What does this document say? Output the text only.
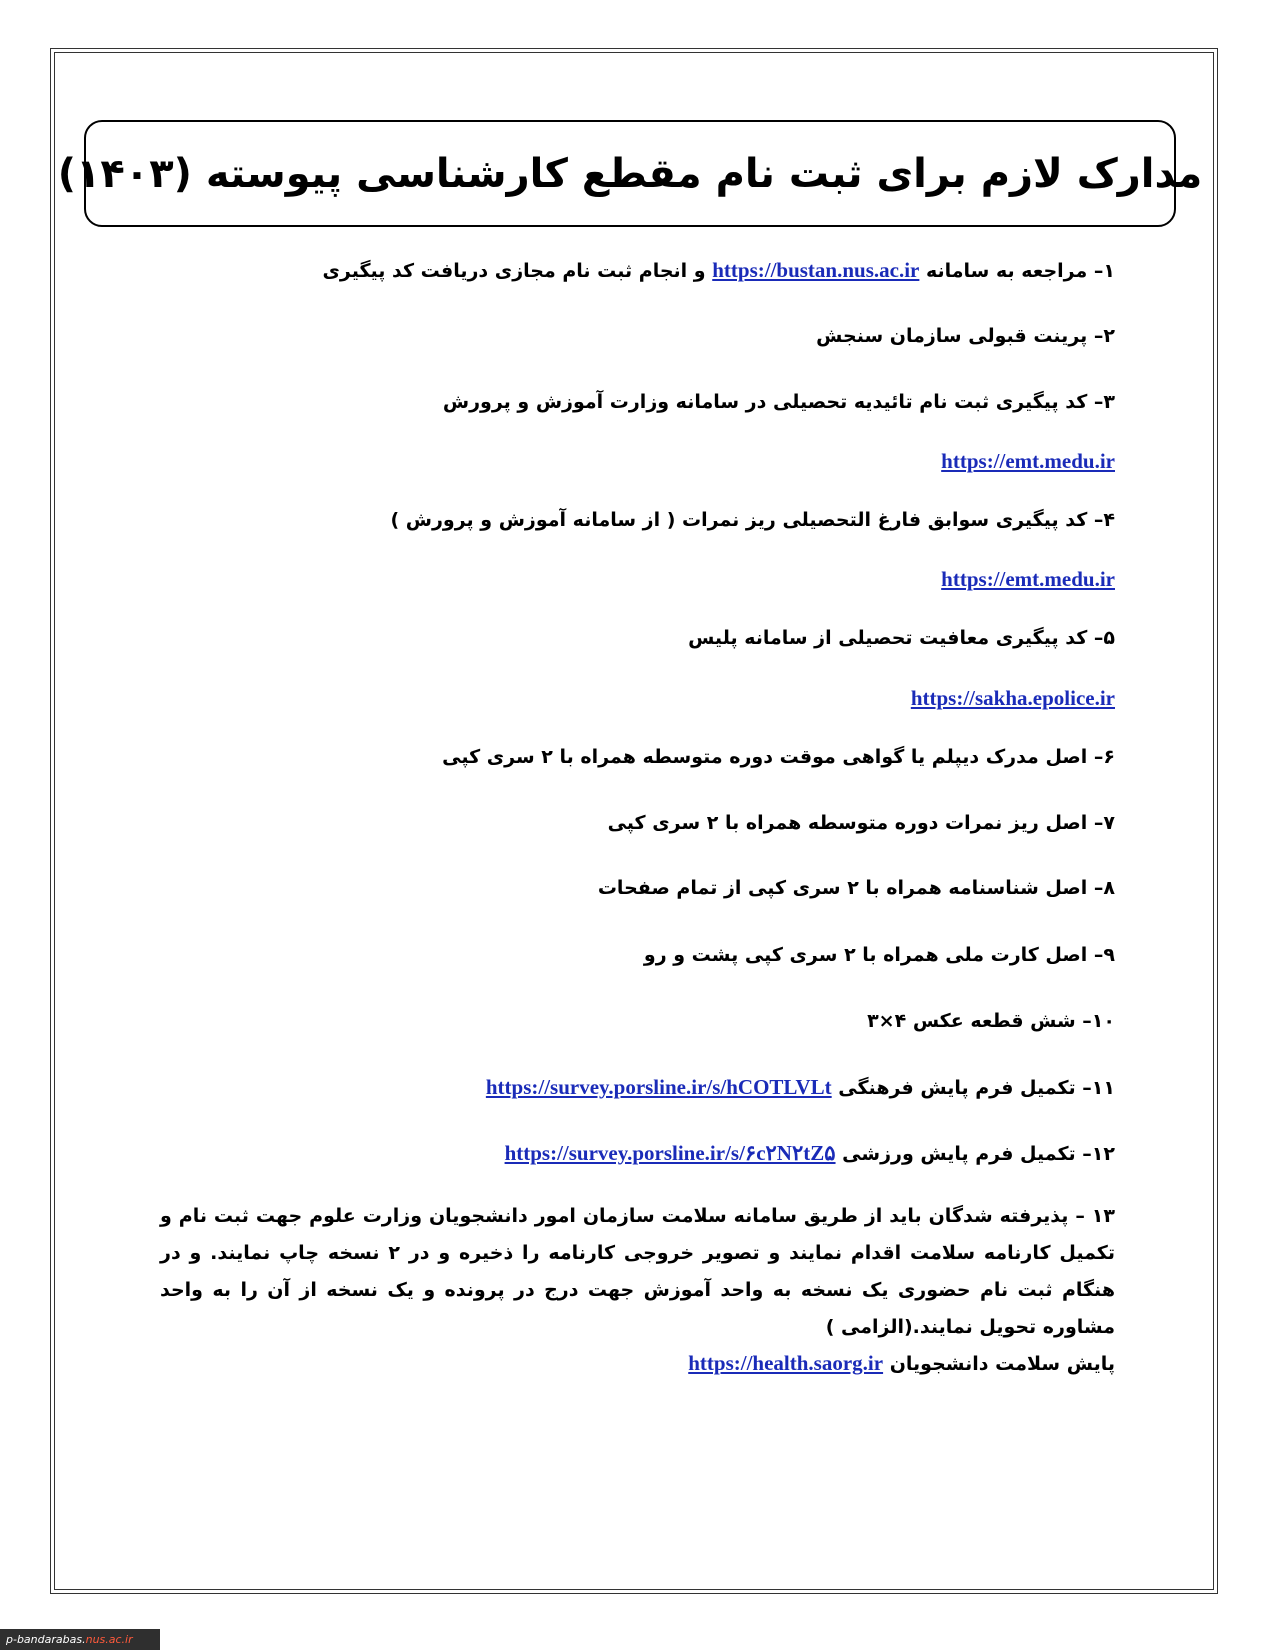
مدارک لازم برای ثبت نام مقطع کارشناسی پیوسته (۱۴۰۳)
۱– مراجعه به سامانه https://bustan.nus.ac.ir و انجام ثبت نام مجازی دریافت کد پیگیری
۲– پرینت قبولی سازمان سنجش
۳– کد پیگیری ثبت نام تائیدیه تحصیلی در سامانه وزارت آموزش و پرورش
https://emt.medu.ir
۴– کد پیگیری سوابق فارغ التحصیلی ریز نمرات ( از سامانه آموزش و پرورش )
https://emt.medu.ir
۵– کد پیگیری معافیت تحصیلی از سامانه پلیس
https://sakha.epolice.ir
۶– اصل مدرک دیپلم یا گواهی موقت دوره متوسطه همراه با ۲ سری کپی
۷– اصل ریز نمرات دوره متوسطه همراه با ۲ سری کپی
۸– اصل شناسنامه همراه با ۲ سری کپی از تمام صفحات
۹– اصل کارت ملی همراه با ۲ سری کپی پشت و رو
۱۰– شش قطعه عکس ۴×۳
۱۱– تکمیل فرم پایش فرهنگی https://survey.porsline.ir/s/hCOTLVLt
۱۲– تکمیل فرم پایش ورزشی https://survey.porsline.ir/s/۶c۲N۲tZ۵
۱۳ – پذیرفته شدگان باید از طریق سامانه سلامت سازمان امور دانشجویان وزارت علوم جهت ثبت نام و تکمیل کارنامه سلامت اقدام نمایند و تصویر خروجی کارنامه را ذخیره و در ۲ نسخه چاپ نمایند. و در هنگام ثبت نام حضوری یک نسخه به واحد آموزش جهت درج در پرونده و یک نسخه از آن را به واحد مشاوره تحویل نمایند.(الزامی )
پایش سلامت دانشجویان https://health.saorg.ir
p-bandarabas.nus.ac.ir
